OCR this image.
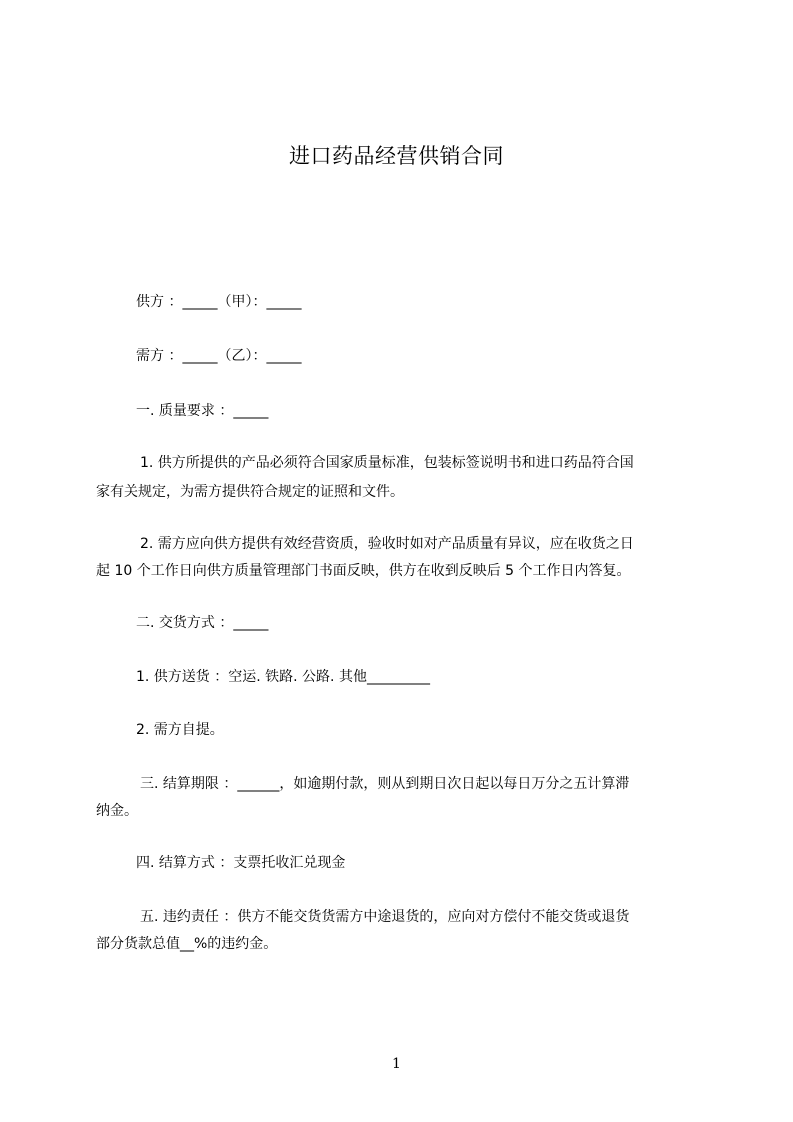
进口药品经营供销合同
供方 ：_____（甲）：_____
需方 ：_____（乙）：_____
一. 质量要求 ：_____
1. 供方所提供的产品必须符合国家质量标准，包装标签说明书和进口药品符合国
家有关规定，为需方提供符合规定的证照和文件。
2. 需方应向供方提供有效经营资质，验收时如对产品质量有异议，应在收货之日
起 10 个工作日向供方质量管理部门书面反映，供方在收到反映后 5 个工作日内答复。
二. 交货方式 ：_____
1. 供方送货 ：空运. 铁路. 公路. 其他_________
2. 需方自提。
三. 结算期限 ：______，如逾期付款，则从到期日次日起以每日万分之五计算滞
纳金。
四. 结算方式 ：支票托收汇兑现金
五. 违约责任 ：供方不能交货货需方中途退货的，应向对方偿付不能交货或退货
部分货款总值__%的违约金。
1
